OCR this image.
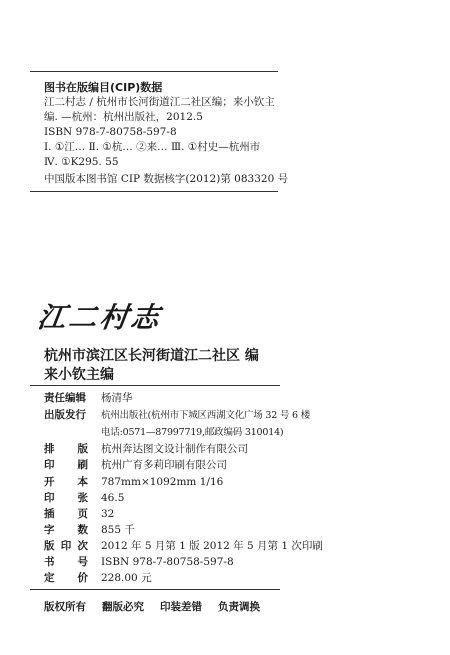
图书在版编目(CIP)数据
江二村志 / 杭州市长河街道江二社区编；来小钦主
编. —杭州：杭州出版社，2012.5
ISBN 978-7-80758-597-8
Ⅰ. ①江… Ⅱ. ①杭… ②来… Ⅲ. ①村史—杭州市
Ⅳ. ①K295. 55
中国版本图书馆 CIP 数据核字(2012)第 083320 号
江二村志
杭州市滨江区长河街道江二社区 编
来小钦主编
责任编辑 杨清华
出版发行 杭州出版社(杭州市下城区西湖文化广场 32 号 6 楼
电话:0571—87997719,邮政编码 310014)
排版 杭州奔达图文设计制作有限公司
印刷 杭州广育多莉印刷有限公司
开本 787mm×1092mm 1/16
印张 46.5
插页 32
字数 855 千
版印次 2012 年 5 月第 1 版 2012 年 5 月第 1 次印刷
书号 ISBN 978-7-80758-597-8
定价 228.00 元
版权所有 翻版必究 印装差错 负责调换
